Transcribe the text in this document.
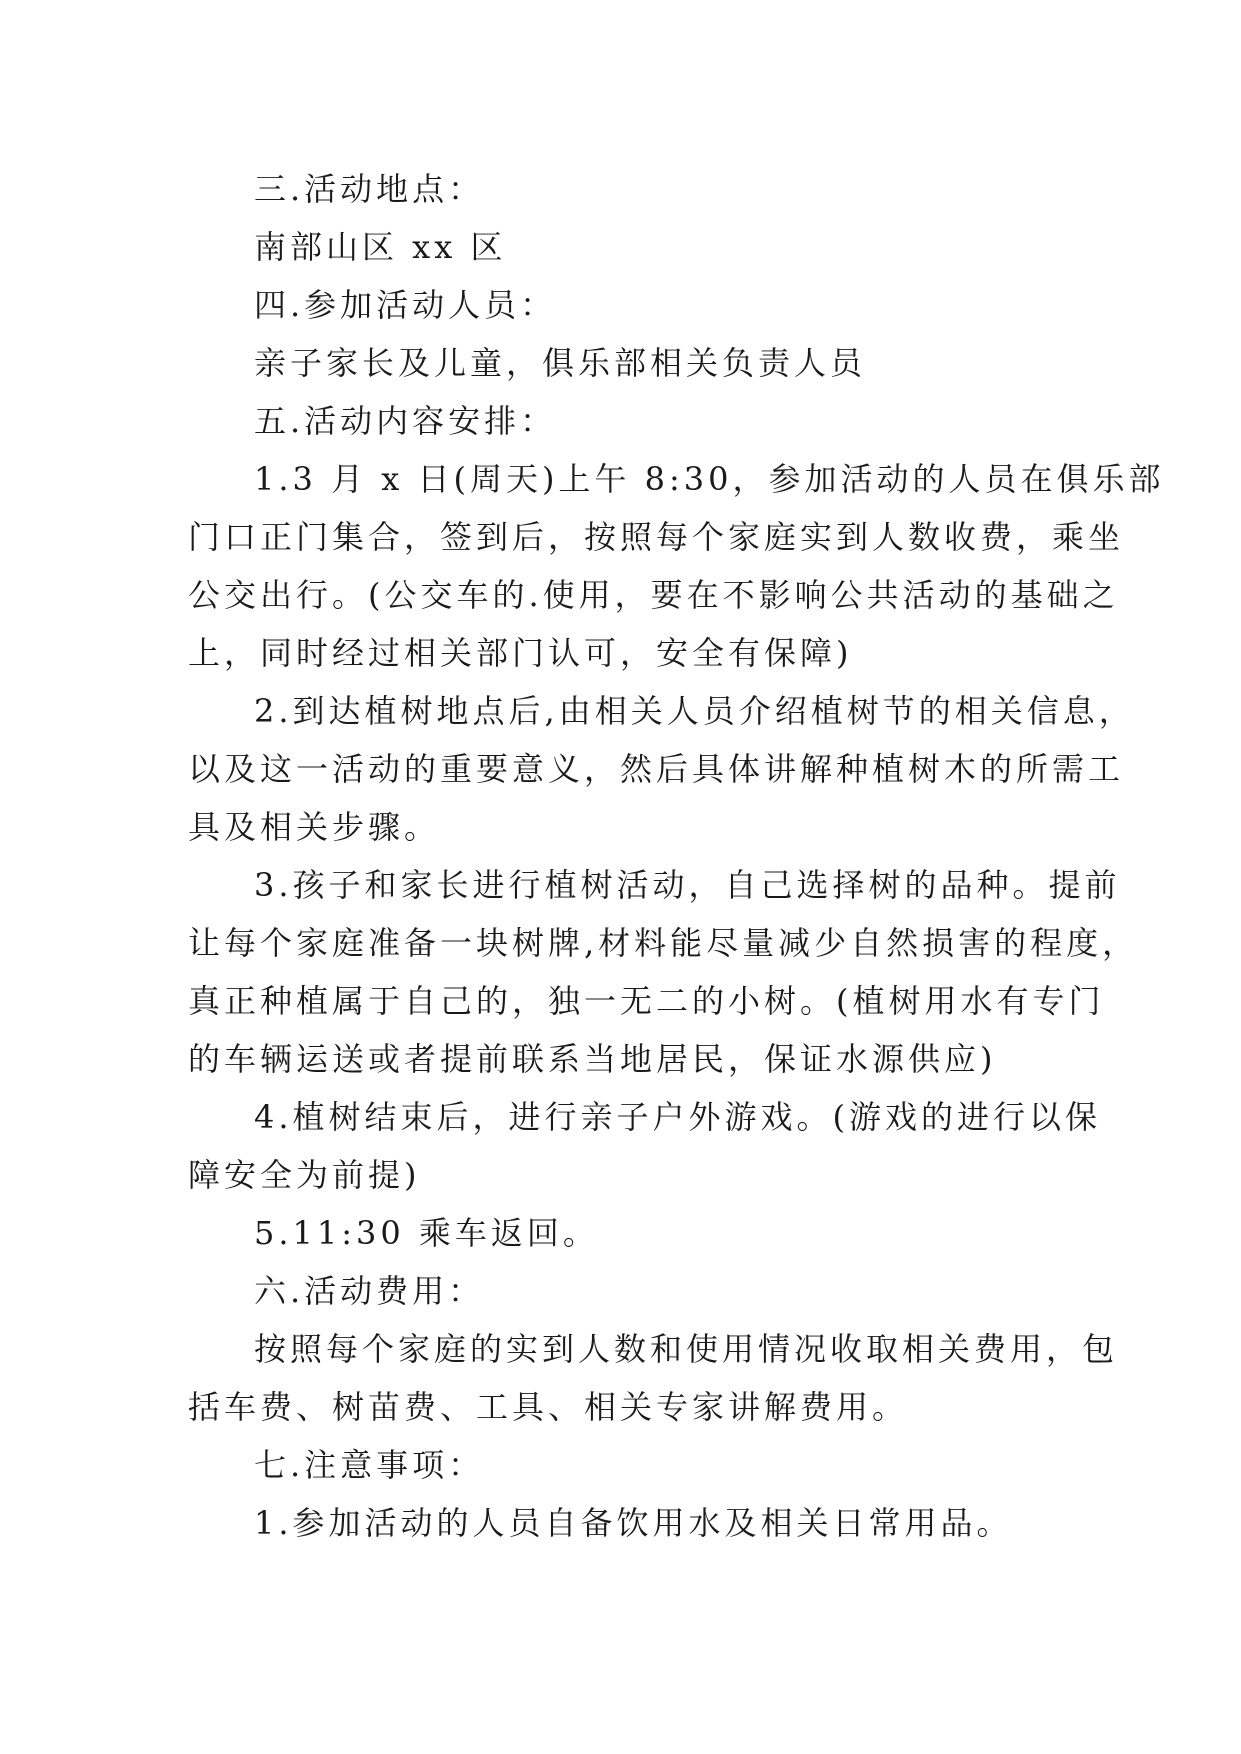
三.活动地点：
南部山区 xx 区
四.参加活动人员：
亲子家长及儿童，俱乐部相关负责人员
五.活动内容安排：
1.3 月 x 日(周天)上午 8:30，参加活动的人员在俱乐部
门口正门集合，签到后，按照每个家庭实到人数收费，乘坐
公交出行。(公交车的.使用，要在不影响公共活动的基础之
上，同时经过相关部门认可，安全有保障)
2.到达植树地点后,由相关人员介绍植树节的相关信息，
以及这一活动的重要意义，然后具体讲解种植树木的所需工
具及相关步骤。
3.孩子和家长进行植树活动，自己选择树的品种。提前
让每个家庭准备一块树牌,材料能尽量减少自然损害的程度，
真正种植属于自己的，独一无二的小树。(植树用水有专门
的车辆运送或者提前联系当地居民，保证水源供应)
4.植树结束后，进行亲子户外游戏。(游戏的进行以保
障安全为前提)
5.11:30 乘车返回。
六.活动费用：
按照每个家庭的实到人数和使用情况收取相关费用，包
括车费、树苗费、工具、相关专家讲解费用。
七.注意事项：
1.参加活动的人员自备饮用水及相关日常用品。
